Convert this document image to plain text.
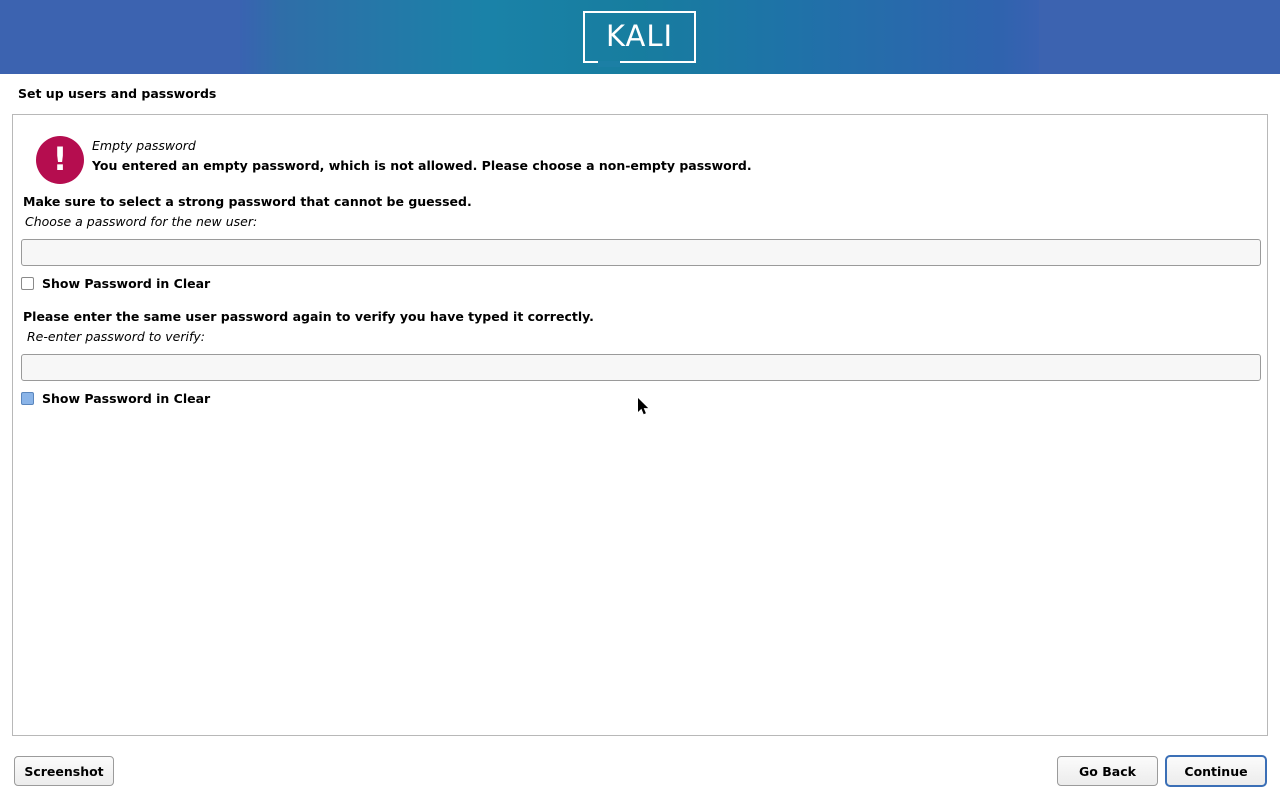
KALI
Set up users and passwords
! Empty password
You entered an empty password, which is not allowed. Please choose a non-empty password.
Make sure to select a strong password that cannot be guessed.
Choose a password for the new user:
Show Password in Clear
Please enter the same user password again to verify you have typed it correctly.
Re-enter password to verify:
Show Password in Clear
Screenshot	Go Back	Continue
